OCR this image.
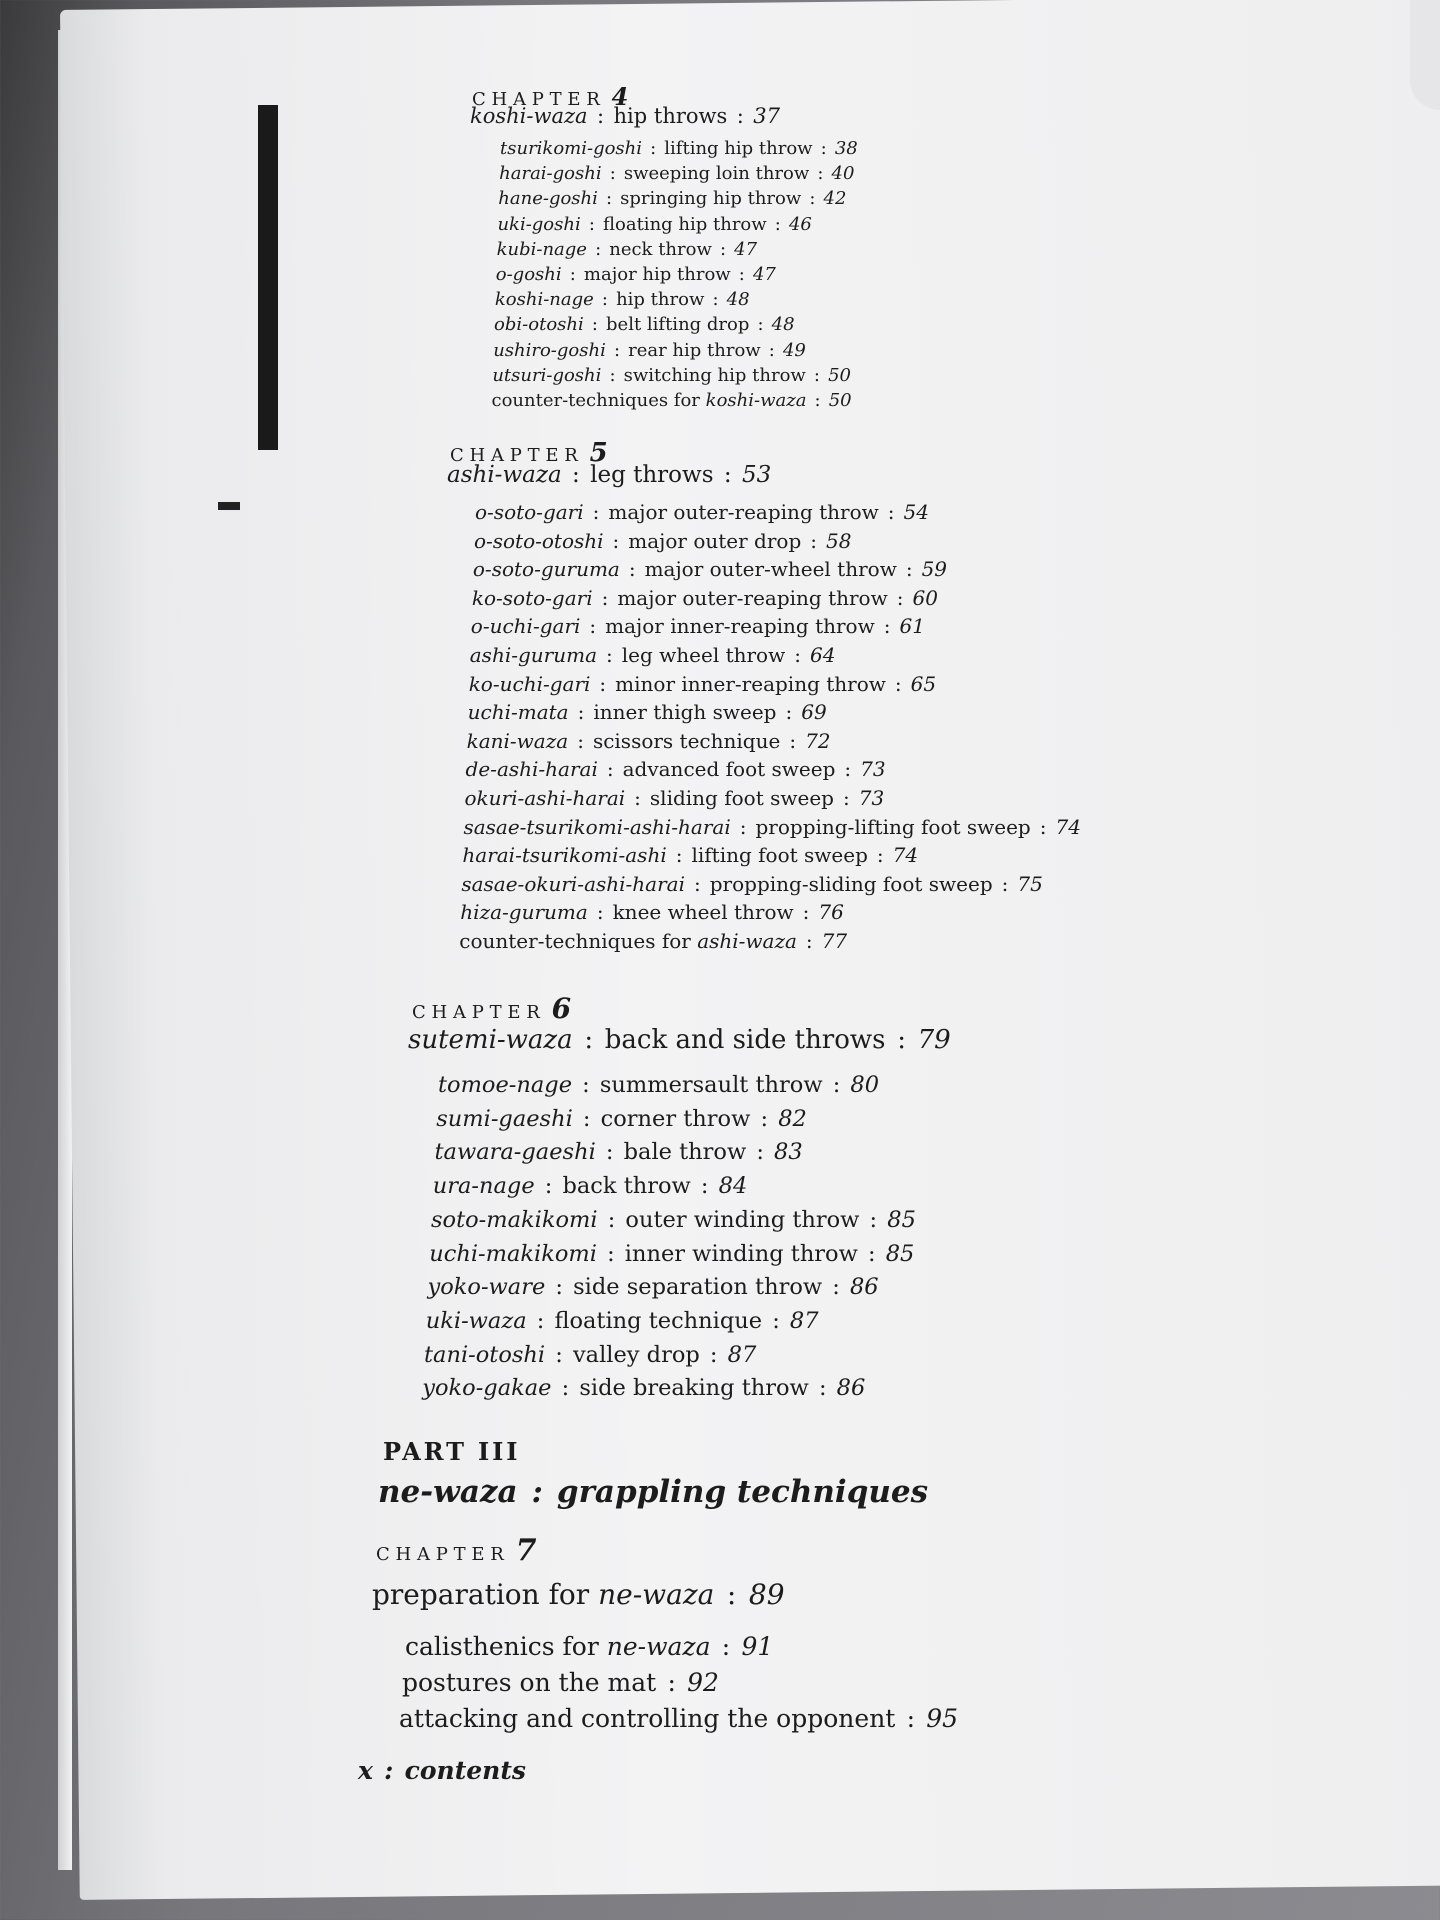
CHAPTER 4
koshi-waza : hip throws : 37
tsurikomi-goshi : lifting hip throw : 38
harai-goshi : sweeping loin throw : 40
hane-goshi : springing hip throw : 42
uki-goshi : floating hip throw : 46
kubi-nage : neck throw : 47
o-goshi : major hip throw : 47
koshi-nage : hip throw : 48
obi-otoshi : belt lifting drop : 48
ushiro-goshi : rear hip throw : 49
utsuri-goshi : switching hip throw : 50
counter-techniques for koshi-waza : 50
CHAPTER 5
ashi-waza : leg throws : 53
o-soto-gari : major outer-reaping throw : 54
o-soto-otoshi : major outer drop : 58
o-soto-guruma : major outer-wheel throw : 59
ko-soto-gari : major outer-reaping throw : 60
o-uchi-gari : major inner-reaping throw : 61
ashi-guruma : leg wheel throw : 64
ko-uchi-gari : minor inner-reaping throw : 65
uchi-mata : inner thigh sweep : 69
kani-waza : scissors technique : 72
de-ashi-harai : advanced foot sweep : 73
okuri-ashi-harai : sliding foot sweep : 73
sasae-tsurikomi-ashi-harai : propping-lifting foot sweep : 74
harai-tsurikomi-ashi : lifting foot sweep : 74
sasae-okuri-ashi-harai : propping-sliding foot sweep : 75
hiza-guruma : knee wheel throw : 76
counter-techniques for ashi-waza : 77
CHAPTER 6
sutemi-waza : back and side throws : 79
tomoe-nage : summersault throw : 80
sumi-gaeshi : corner throw : 82
tawara-gaeshi : bale throw : 83
ura-nage : back throw : 84
soto-makikomi : outer winding throw : 85
uchi-makikomi : inner winding throw : 85
yoko-ware : side separation throw : 86
uki-waza : floating technique : 87
tani-otoshi : valley drop : 87
yoko-gakae : side breaking throw : 86
PART III
ne-waza : grappling techniques
CHAPTER 7
preparation for ne-waza : 89
calisthenics for ne-waza : 91
postures on the mat : 92
attacking and controlling the opponent : 95
x : contents
